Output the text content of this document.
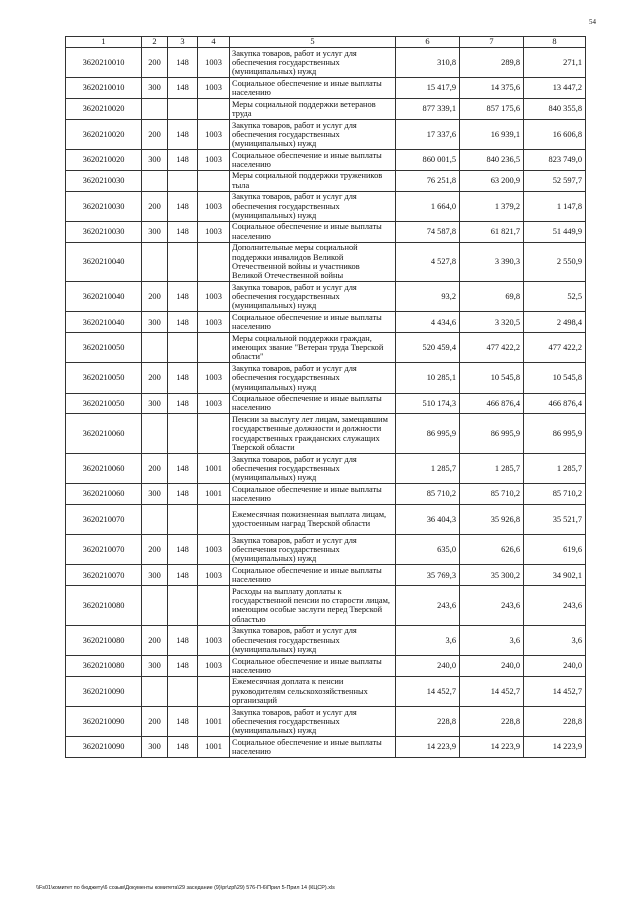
54
1	2	3	4	5	6	7	8
3620210010	200	148	1003	Закупка товаров, работ и услуг для обеспечения государственных (муниципальных) нужд	310,8	289,8	271,1
3620210010	300	148	1003	Социальное обеспечение и иные выплаты населению	15 417,9	14 375,6	13 447,2
3620210020				Меры социальной поддержки ветеранов труда	877 339,1	857 175,6	840 355,8
3620210020	200	148	1003	Закупка товаров, работ и услуг для обеспечения государственных (муниципальных) нужд	17 337,6	16 939,1	16 606,8
3620210020	300	148	1003	Социальное обеспечение и иные выплаты населению	860 001,5	840 236,5	823 749,0
3620210030				Меры социальной поддержки тружеников тыла	76 251,8	63 200,9	52 597,7
3620210030	200	148	1003	Закупка товаров, работ и услуг для обеспечения государственных (муниципальных) нужд	1 664,0	1 379,2	1 147,8
3620210030	300	148	1003	Социальное обеспечение и иные выплаты населению	74 587,8	61 821,7	51 449,9
3620210040				Дополнительные меры социальной поддержки инвалидов Великой Отечественной войны и участников Великой Отечественной войны	4 527,8	3 390,3	2 550,9
3620210040	200	148	1003	Закупка товаров, работ и услуг для обеспечения государственных (муниципальных) нужд	93,2	69,8	52,5
3620210040	300	148	1003	Социальное обеспечение и иные выплаты населению	4 434,6	3 320,5	2 498,4
3620210050				Меры социальной поддержки граждан, имеющих звание "Ветеран труда Тверской области"	520 459,4	477 422,2	477 422,2
3620210050	200	148	1003	Закупка товаров, работ и услуг для обеспечения государственных (муниципальных) нужд	10 285,1	10 545,8	10 545,8
3620210050	300	148	1003	Социальное обеспечение и иные выплаты населению	510 174,3	466 876,4	466 876,4
3620210060				Пенсии за выслугу лет лицам, замещавшим государственные должности и должности государственных гражданских служащих Тверской области	86 995,9	86 995,9	86 995,9
3620210060	200	148	1001	Закупка товаров, работ и услуг для обеспечения государственных (муниципальных) нужд	1 285,7	1 285,7	1 285,7
3620210060	300	148	1001	Социальное обеспечение и иные выплаты населению	85 710,2	85 710,2	85 710,2
3620210070				Ежемесячная пожизненная выплата лицам, удостоенным наград Тверской области	36 404,3	35 926,8	35 521,7
3620210070	200	148	1003	Закупка товаров, работ и услуг для обеспечения государственных (муниципальных) нужд	635,0	626,6	619,6
3620210070	300	148	1003	Социальное обеспечение и иные выплаты населению	35 769,3	35 300,2	34 902,1
3620210080				Расходы на выплату доплаты к государственной пенсии по старости лицам, имеющим особые заслуги перед Тверской областью	243,6	243,6	243,6
3620210080	200	148	1003	Закупка товаров, работ и услуг для обеспечения государственных (муниципальных) нужд	3,6	3,6	3,6
3620210080	300	148	1003	Социальное обеспечение и иные выплаты населению	240,0	240,0	240,0
3620210090				Ежемесячная доплата к пенсии руководителям сельскохозяйственных организаций	14 452,7	14 452,7	14 452,7
3620210090	200	148	1001	Закупка товаров, работ и услуг для обеспечения государственных (муниципальных) нужд	228,8	228,8	228,8
3620210090	300	148	1001	Социальное обеспечение и иные выплаты населению	14 223,9	14 223,9	14 223,9
\\Fs01\комитет по бюджету\6 созыв\Документы комитета\29 заседание (9)\pr\zpl\29) 576-П-6\Прил 5-Прил 14 (КЦСР).xls
